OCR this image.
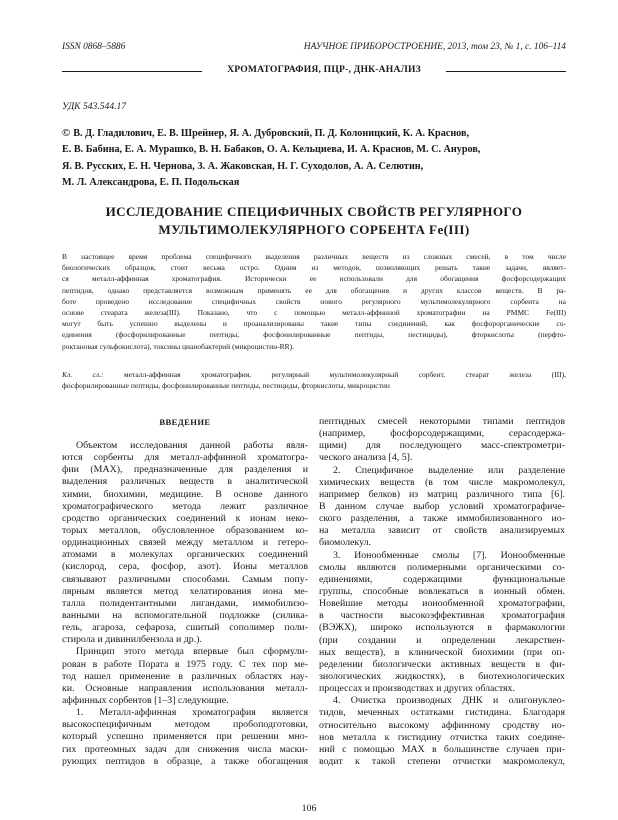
ISSN 0868–5886	НАУЧНОЕ ПРИБОРОСТРОЕНИЕ, 2013, том 23, № 1, c. 106–114
ХРОМАТОГРАФИЯ, ПЦР-, ДНК-АНАЛИЗ
УДК 543.544.17
© В. Д. Гладилович, Е. В. Шрейнер, Я. А. Дубровский, П. Д. Колоницкий, К. А. Краснов,
Е. В. Бабина, Е. А. Мурашко, В. Н. Бабаков, О. А. Кельциева, И. А. Краснов, М. С. Ануров,
Я. В. Русских, Е. Н. Чернова, З. А. Жаковская, Н. Г. Суходолов, А. А. Селютин,
М. Л. Александрова, Е. П. Подольская
ИССЛЕДОВАНИЕ СПЕЦИФИЧНЫХ СВОЙСТВ РЕГУЛЯРНОГО
МУЛЬТИМОЛЕКУЛЯРНОГО СОРБЕНТА Fe(III)
В настоящее время проблема специфичного выделения различных веществ из сложных смесей, в том числе
биологических образцов, стоит весьма остро. Одним из методов, позволяющих решать такие задачи, являет-
ся металл-аффинная хроматография. Исторически ее использовали для обогащения фосфорсодержащих
пептидов, однако представляется возможным применять ее для обогащения и других классов веществ. В ра-
боте проведено исследование специфичных свойств нового регулярного мультимолекулярного сорбента на
основе стеарата железа(III). Показано, что с помощью металл-аффинной хроматографии на РММС Fe(III)
могут быть успешно выделены и проанализированы такие типы соединений, как фосфорорганические со-
единения (фосфорилированные пептиды, фосфонилированные пептиды, пестициды), фторкислоты (перфто-
роктановая сульфокислота), токсины цианобактерий (микроцистин-RR).
Кл. сл.:	металл-аффинная хроматография, регулярный мультимолекулярный сорбент, стеарат железа (III),
фосфорилированные пептиды, фосфонилированные пептиды, пестициды, фторкислоты, микроцистин
ВВЕДЕНИЕ
Объектом исследования данной работы явля-
ются сорбенты для металл-аффинной хроматогра-
фии (МАХ), предназначенные для разделения и
выделения различных веществ в аналитической
химии, биохимии, медицине. В основе данного
хроматографического метода лежит различное
сродство органических соединений к ионам неко-
торых металлов, обусловленное образованием ко-
ординационных связей между металлом и гетеро-
атомами в молекулах органических соединений
(кислород, сера, фосфор, азот). Ионы металлов
связывают различными способами. Самым попу-
лярным является метод хелатирования иона ме-
талла полидентантными лигандами, иммобилизо-
ванными на вспомогательной подложке (силика-
гель, агароза, сефароза, сшитый сополимер поли-
стирола и дивинилбензола и др.).
Принцип этого метода впервые был сформули-
рован в работе Пората в 1975 году. С тех пор ме-
тод нашел применение в различных областях нау-
ки. Основные направления использования металл-
аффинных сорбентов [1–3] следующие.
1. Металл-аффинная хроматография является
высокоспецифичным методом пробоподготовки,
который успешно применяется при решении мно-
гих протеомных задач для снижения числа маски-
рующих пептидов в образце, а также обогащения
пептидных смесей некоторыми типами пептидов
(например, фосфорсодержащими, серасодержа-
щими) для последующего масс-спектрометри-
ческого анализа [4, 5].
2. Специфичное выделение или разделение
химических веществ (в том числе макромолекул,
например белков) из матриц различного типа [6].
В данном случае выбор условий хроматографиче-
ского разделения, а также иммобилизованного ио-
на металла зависит от свойств анализируемых
биомолекул.
3. Ионообменные смолы [7]. Ионообменные
смолы являются полимерными органическими со-
единениями, содержащими функциональные
группы, способные вовлекаться в ионный обмен.
Новейшие методы ионообменной хроматографии,
в частности высокоэффективная хроматография
(ВЭЖХ), широко используются в фармакологии
(при создании и определении лекарствен-
ных веществ), в клинической биохимии (при оп-
ределении биологически активных веществ в фи-
зиологических жидкостях), в биотехнологических
процессах и производствах и других областях.
4. Очистка производных ДНК и олигонуклео-
тидов, меченных остатками гистидина. Благодаря
относительно высокому аффинному сродству ио-
нов металла к гистидину отчистка таких соедине-
ний с помощью МАХ в большинстве случаев при-
водит к такой степени отчистки макромолекул,
106
